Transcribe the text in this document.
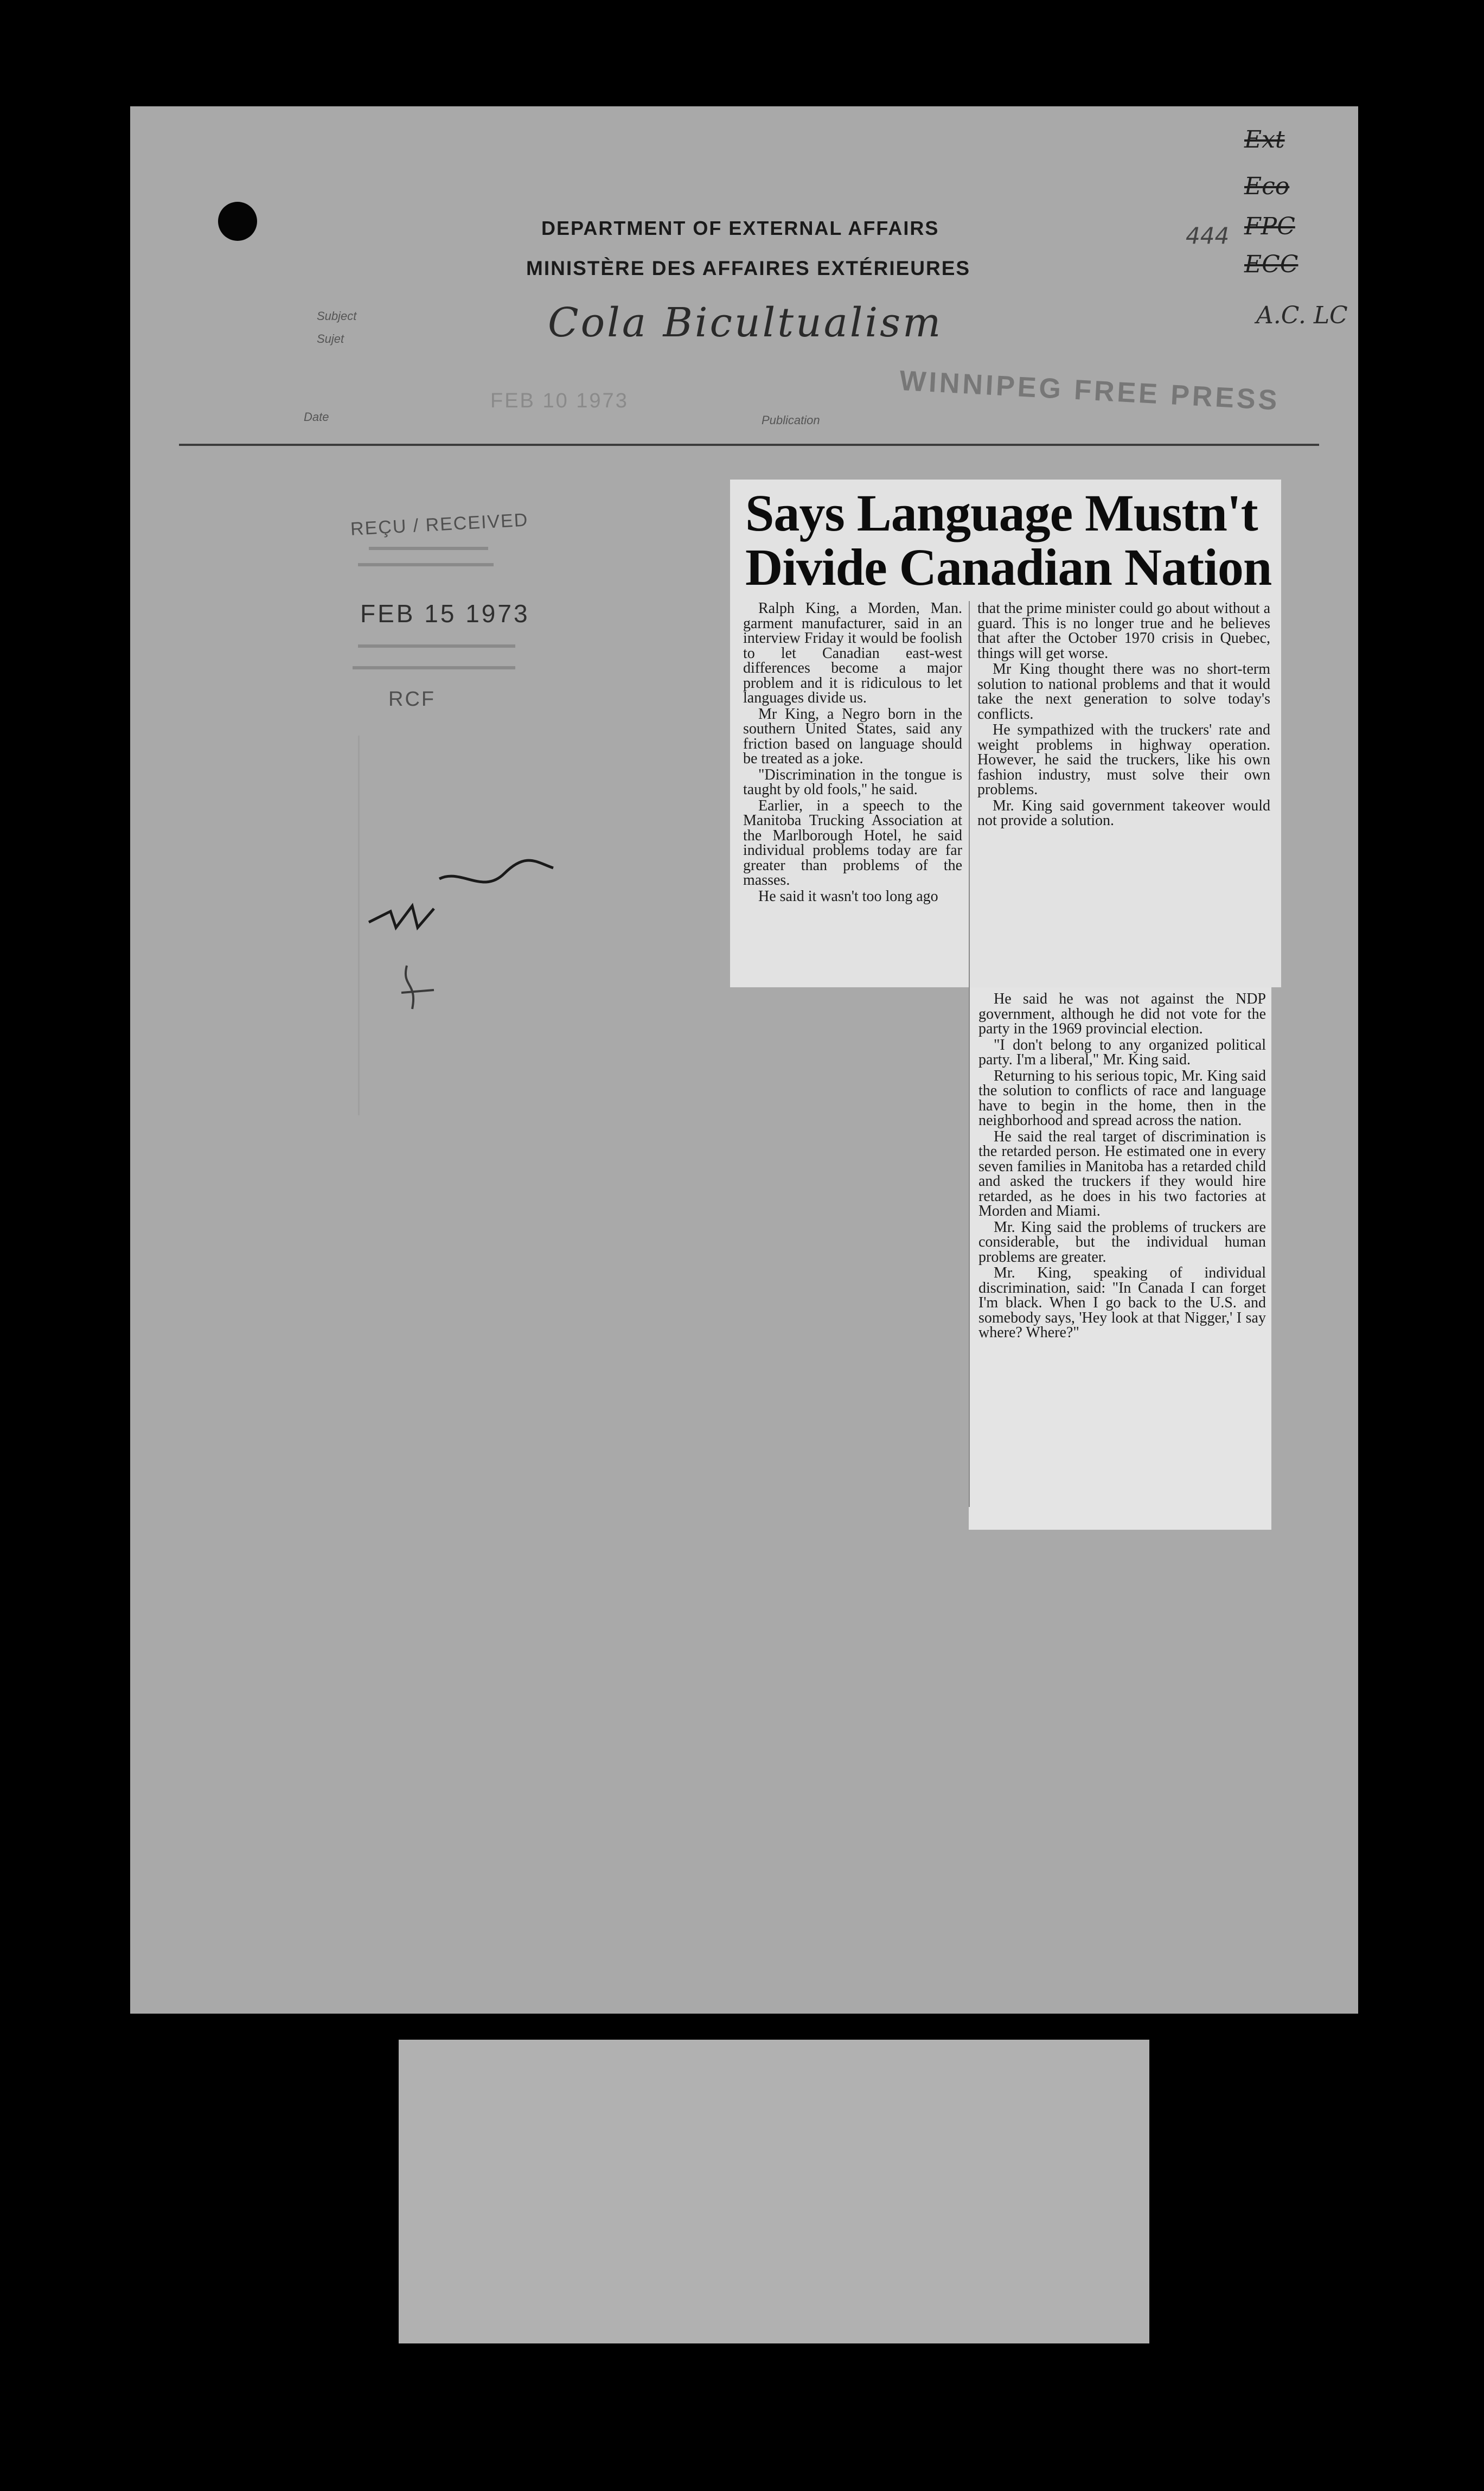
DEPARTMENT OF EXTERNAL AFFAIRS
MINISTÈRE DES AFFAIRES EXTÉRIEURES
Subject
Sujet	Cola Bicultualism
Date
FEB 10 1973
Publication
WINNIPEG FREE PRESS
444
Ext
Eco
FPC
ECC
A.C. LC
REÇU / RECEIVED
FEB 15 1973
RCF
Says Language Mustn't
Divide Canadian Nation

Ralph King, a Morden, Man. garment manufacturer, said in an interview Friday it would be foolish to let Canadian east-west differences become a major problem and it is ridiculous to let languages divide us.

Mr King, a Negro born in the southern United States, said any friction based on language should be treated as a joke.

"Discrimination in the tongue is taught by old fools," he said.

Earlier, in a speech to the Manitoba Trucking Association at the Marlborough Hotel, he said individual problems today are far greater than problems of the masses.

He said it wasn't too long ago

that the prime minister could go about without a guard. This is no longer true and he believes that after the October 1970 crisis in Quebec, things will get worse.

Mr King thought there was no short-term solution to national problems and that it would take the next generation to solve today's conflicts.

He sympathized with the truckers' rate and weight problems in highway operation. However, he said the truckers, like his own fashion industry, must solve their own problems.

Mr. King said government takeover would not provide a solution.

He said he was not against the NDP government, although he did not vote for the party in the 1969 provincial election.

"I don't belong to any organized political party. I'm a liberal," Mr. King said.

Returning to his serious topic, Mr. King said the solution to conflicts of race and language have to begin in the home, then in the neighborhood and spread across the nation.

He said the real target of discrimination is the retarded person. He estimated one in every seven families in Manitoba has a retarded child and asked the truckers if they would hire retarded, as he does in his two factories at Morden and Miami.

Mr. King said the problems of truckers are considerable, but the individual human problems are greater.

Mr. King, speaking of individual discrimination, said: "In Canada I can forget I'm black. When I go back to the U.S. and somebody says, 'Hey look at that Nigger,' I say where? Where?"
